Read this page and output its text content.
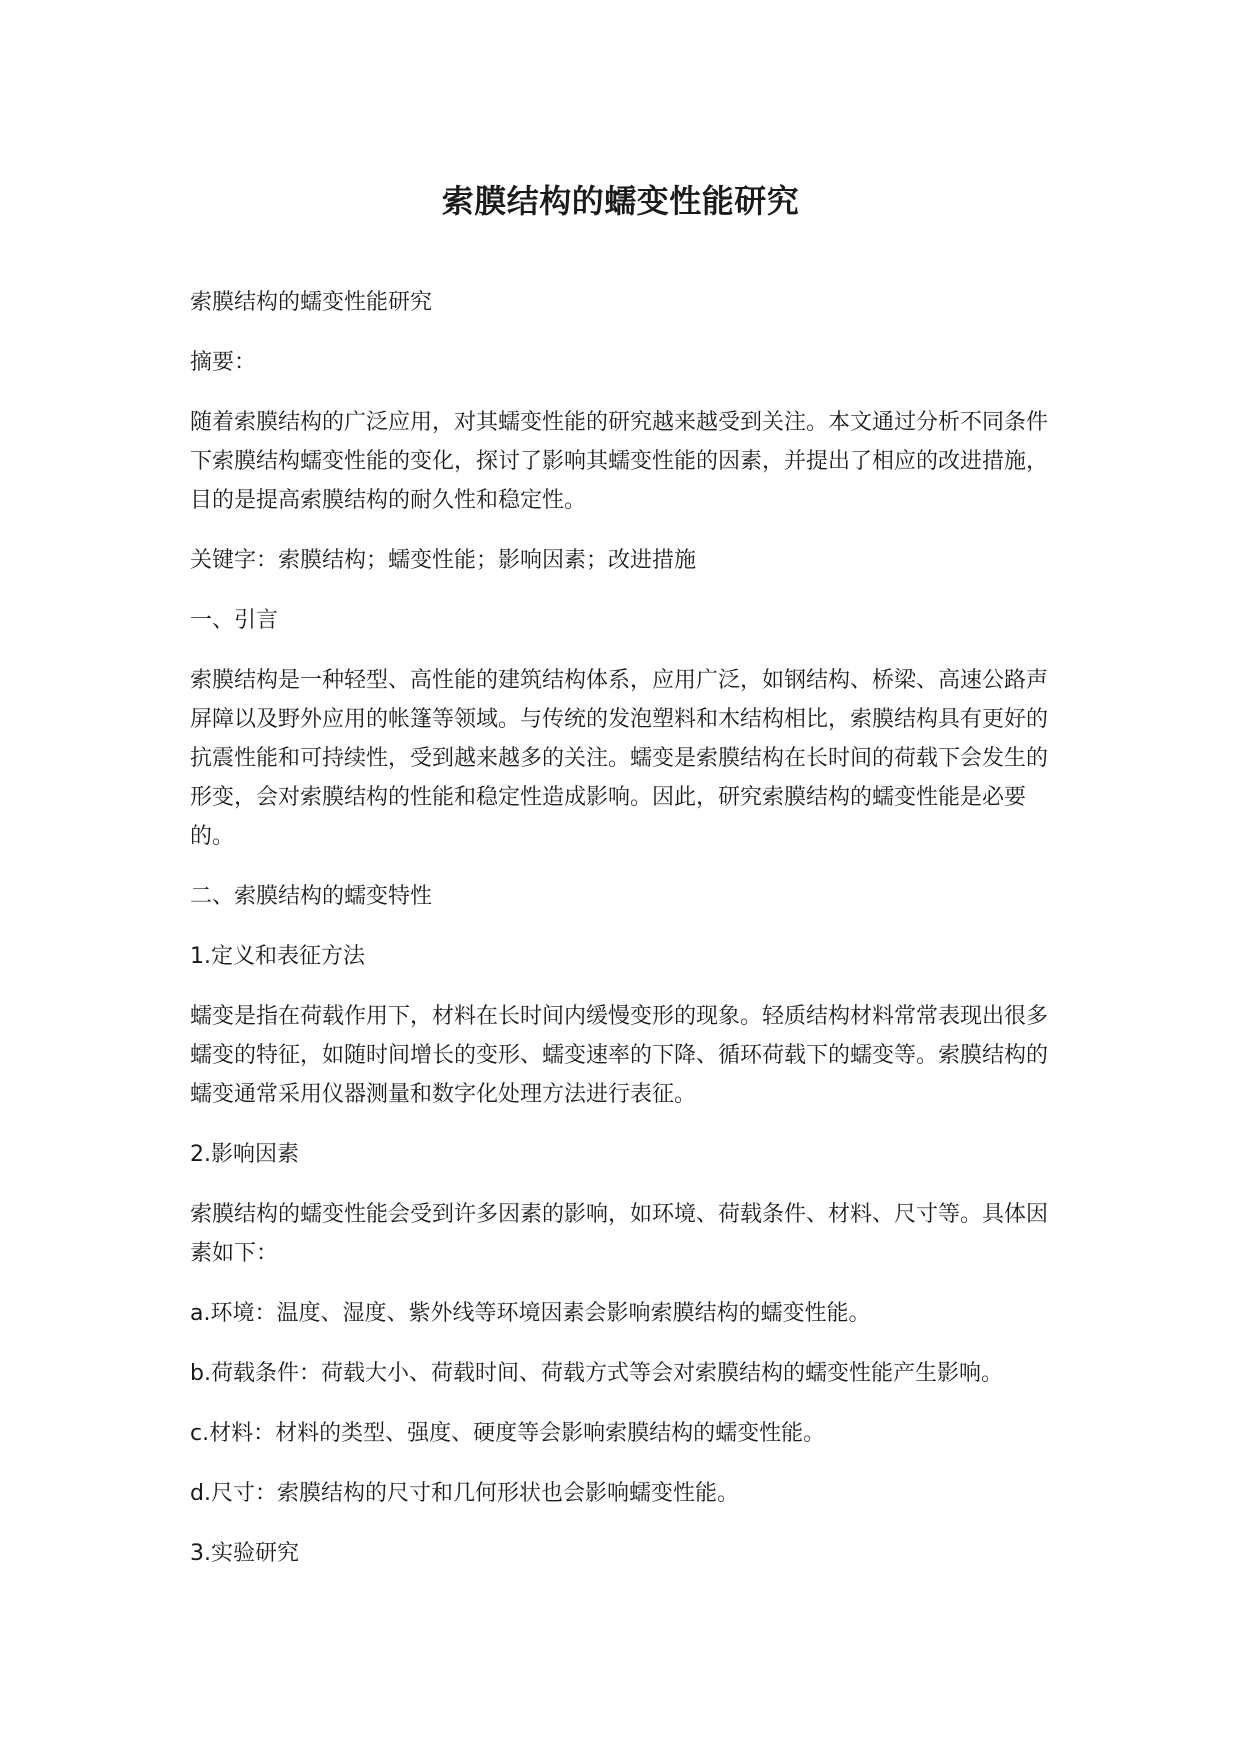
索膜结构的蠕变性能研究

索膜结构的蠕变性能研究

摘要：

随着索膜结构的广泛应用，对其蠕变性能的研究越来越受到关注。本文通过分析不同条件下索膜结构蠕变性能的变化，探讨了影响其蠕变性能的因素，并提出了相应的改进措施，目的是提高索膜结构的耐久性和稳定性。

关键字：索膜结构；蠕变性能；影响因素；改进措施

一、引言

索膜结构是一种轻型、高性能的建筑结构体系，应用广泛，如钢结构、桥梁、高速公路声屏障以及野外应用的帐篷等领域。与传统的发泡塑料和木结构相比，索膜结构具有更好的抗震性能和可持续性，受到越来越多的关注。蠕变是索膜结构在长时间的荷载下会发生的形变，会对索膜结构的性能和稳定性造成影响。因此，研究索膜结构的蠕变性能是必要的。

二、索膜结构的蠕变特性

1.定义和表征方法

蠕变是指在荷载作用下，材料在长时间内缓慢变形的现象。轻质结构材料常常表现出很多蠕变的特征，如随时间增长的变形、蠕变速率的下降、循环荷载下的蠕变等。索膜结构的蠕变通常采用仪器测量和数字化处理方法进行表征。

2.影响因素

索膜结构的蠕变性能会受到许多因素的影响，如环境、荷载条件、材料、尺寸等。具体因素如下：

a.环境：温度、湿度、紫外线等环境因素会影响索膜结构的蠕变性能。

b.荷载条件：荷载大小、荷载时间、荷载方式等会对索膜结构的蠕变性能产生影响。

c.材料：材料的类型、强度、硬度等会影响索膜结构的蠕变性能。

d.尺寸：索膜结构的尺寸和几何形状也会影响蠕变性能。

3.实验研究
